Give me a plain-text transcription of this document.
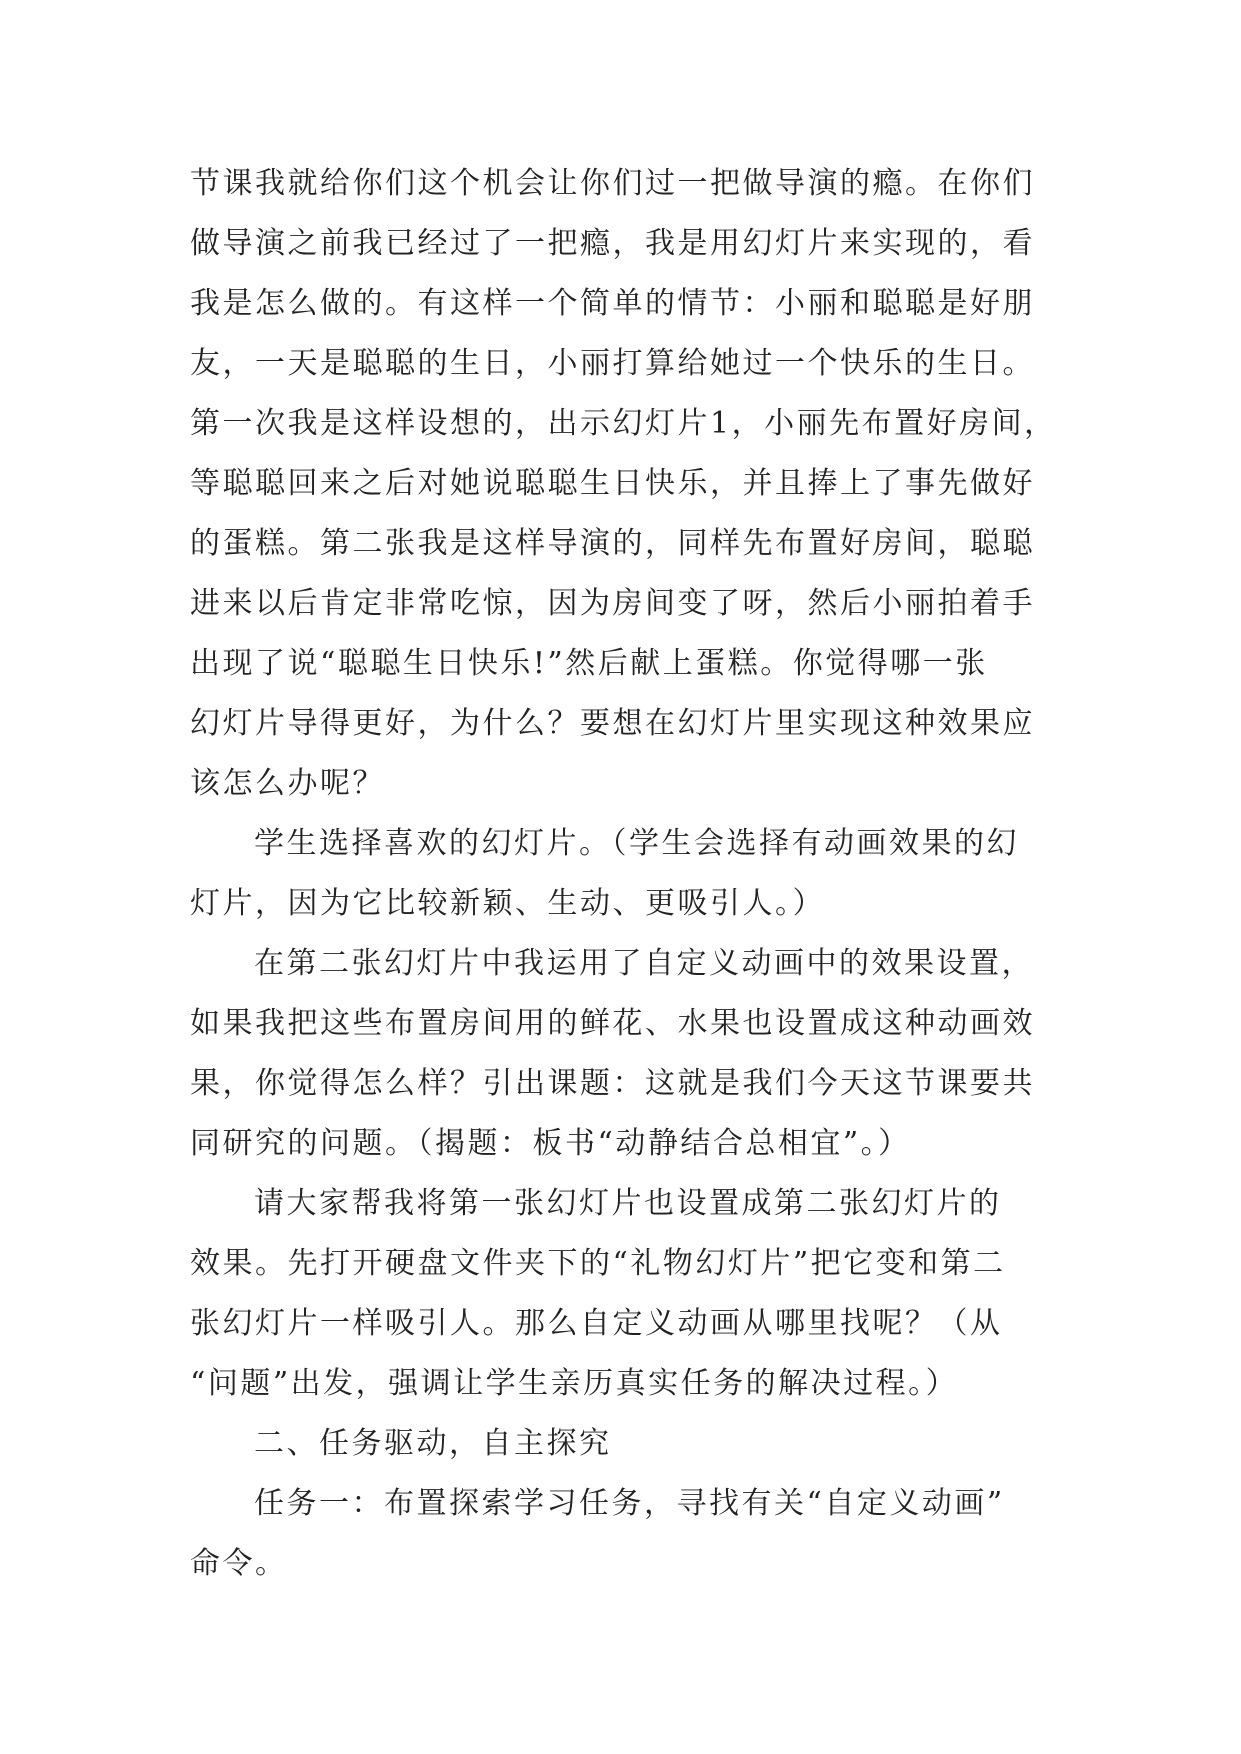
节课我就给你们这个机会让你们过一把做导演的瘾。在你们
做导演之前我已经过了一把瘾，我是用幻灯片来实现的，看
我是怎么做的。有这样一个简单的情节：小丽和聪聪是好朋
友，一天是聪聪的生日，小丽打算给她过一个快乐的生日。
第一次我是这样设想的，出示幻灯片1，小丽先布置好房间，
等聪聪回来之后对她说聪聪生日快乐，并且捧上了事先做好
的蛋糕。第二张我是这样导演的，同样先布置好房间，聪聪
进来以后肯定非常吃惊，因为房间变了呀，然后小丽拍着手
出现了说“聪聪生日快乐!”然后献上蛋糕。你觉得哪一张
幻灯片导得更好，为什么？要想在幻灯片里实现这种效果应
该怎么办呢？
学生选择喜欢的幻灯片。（学生会选择有动画效果的幻
灯片，因为它比较新颖、生动、更吸引人。）
在第二张幻灯片中我运用了自定义动画中的效果设置，
如果我把这些布置房间用的鲜花、水果也设置成这种动画效
果，你觉得怎么样？引出课题：这就是我们今天这节课要共
同研究的问题。（揭题：板书“动静结合总相宜”。）
请大家帮我将第一张幻灯片也设置成第二张幻灯片的
效果。先打开硬盘文件夹下的“礼物幻灯片”把它变和第二
张幻灯片一样吸引人。那么自定义动画从哪里找呢？（从
“问题”出发，强调让学生亲历真实任务的解决过程。）
二、任务驱动，自主探究
任务一：布置探索学习任务，寻找有关“自定义动画”
命令。
